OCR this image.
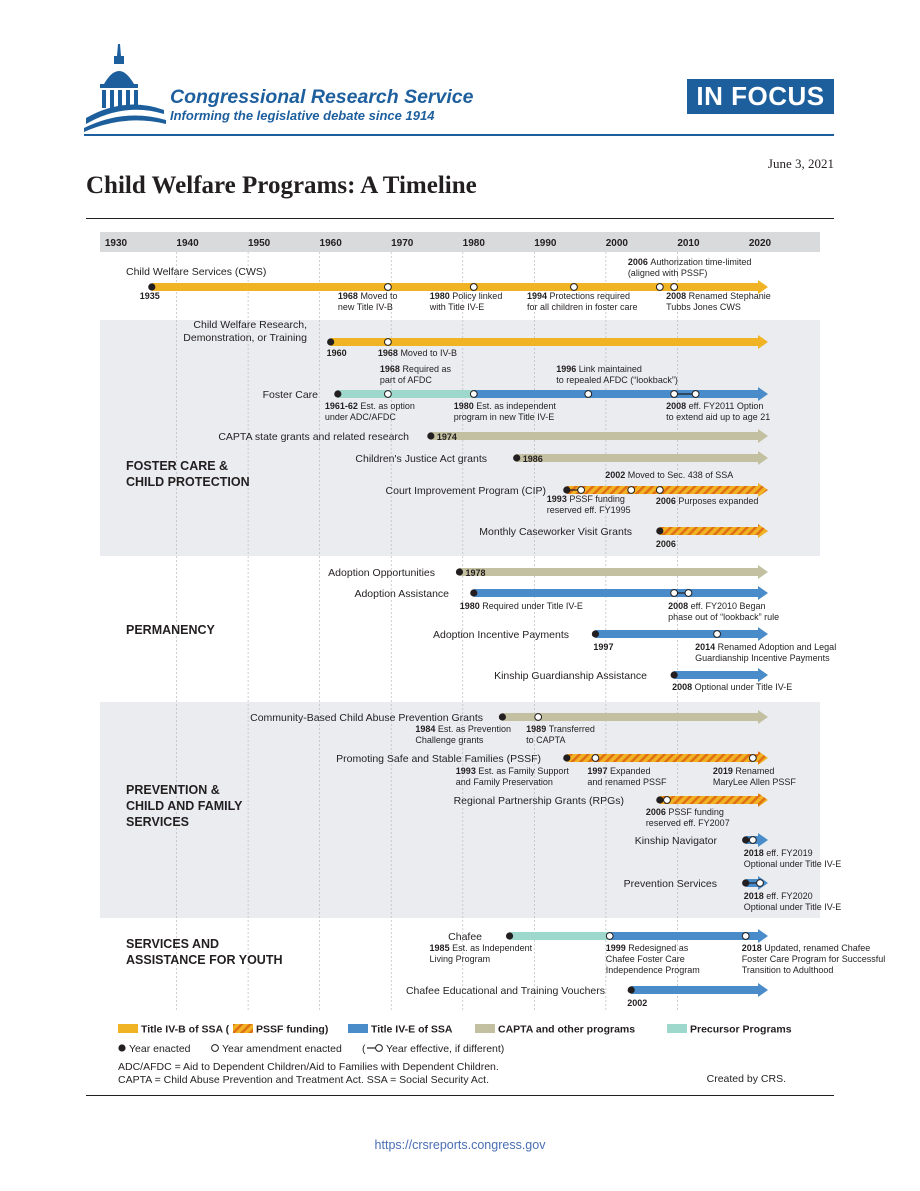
Congressional Research Service
Informing the legislative debate since 1914
IN FOCUS
June 3, 2021
Child Welfare Programs: A Timeline
1930	1940	1950	1960	1970	1980	1990	2000	2010	2020
FOSTER CARE &
CHILD PROTECTION
PERMANENCY
PREVENTION &
CHILD AND FAMILY
SERVICES
SERVICES AND
ASSISTANCE FOR YOUTH
Child Welfare Services (CWS)
1935	1968 Moved to
new Title IV-B
1980 Policy linked
with Title IV-E
1994 Protections required
for all children in foster care
2008 Renamed Stephanie
Tubbs Jones CWS
2006 Authorization time-limited
(aligned with PSSF)
Child Welfare Research,
Demonstration, or Training
1960	1968 Moved to IV-B
Foster Care
1968 Required as
part of AFDC
1996 Link maintained
to repealed AFDC (“lookback”)
1961-62 Est. as option
under ADC/AFDC
1980 Est. as independent
program in new Title IV-E
2008 eff. FY2011 Option
to extend aid up to age 21
CAPTA state grants and related research	1974
Children's Justice Act grants	1986
Court Improvement Program (CIP)
2002 Moved to Sec. 438 of SSA
1993 PSSF funding
reserved eff. FY1995
2006 Purposes expanded
Monthly Caseworker Visit Grants
2006
Adoption Opportunities	1978
Adoption Assistance
1980 Required under Title IV-E	2008 eff. FY2010 Began
phase out of “lookback” rule
Adoption Incentive Payments
1997	2014 Renamed Adoption and Legal
Guardianship Incentive Payments
Kinship Guardianship Assistance
2008 Optional under Title IV-E
Community-Based Child Abuse Prevention Grants
1984 Est. as Prevention
Challenge grants
1989 Transferred
to CAPTA
Promoting Safe and Stable Families (PSSF)
1993 Est. as Family Support
and Family Preservation
1997 Expanded
and renamed PSSF
2019 Renamed
MaryLee Allen PSSF
Regional Partnership Grants (RPGs)
2006 PSSF funding
reserved eff. FY2007
Kinship Navigator
2018 eff. FY2019
Optional under Title IV-E
Prevention Services
2018 eff. FY2020
Optional under Title IV-E
Chafee
1985 Est. as Independent
Living Program
1999 Redesigned as
Chafee Foster Care
Independence Program
2018 Updated, renamed Chafee
Foster Care Program for Successful
Transition to Adulthood
Chafee Educational and Training Vouchers
2002
Title IV-B of SSA (	PSSF funding)	Title IV-E of SSA	CAPTA and other programs	Precursor Programs
Year enacted	Year amendment enacted ( Year effective, if different)
ADC/AFDC = Aid to Dependent Children/Aid to Families with Dependent Children.
CAPTA = Child Abuse Prevention and Treatment Act. SSA = Social Security Act.	Created by CRS.
https://crsreports.congress.gov
